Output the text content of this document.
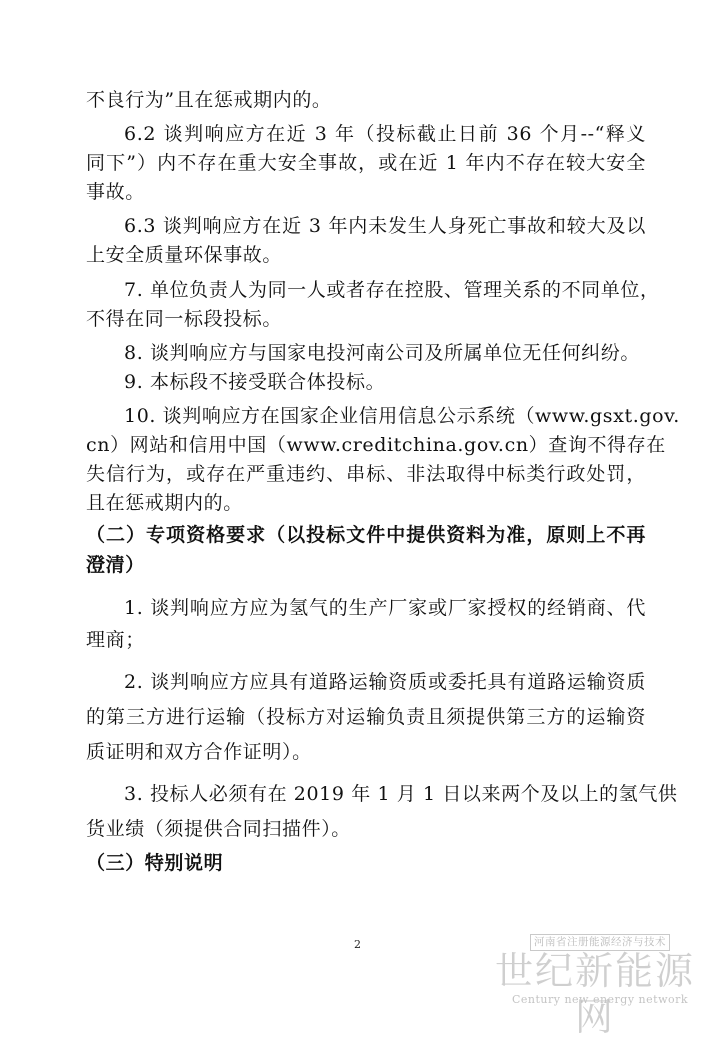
不良行为”且在惩戒期内的。
6.2 谈判响应方在近 3 年（投标截止日前 36 个月--“释义
同下”）内不存在重大安全事故，或在近 1 年内不存在较大安全
事故。
6.3 谈判响应方在近 3 年内未发生人身死亡事故和较大及以
上安全质量环保事故。
7. 单位负责人为同一人或者存在控股、管理关系的不同单位，
不得在同一标段投标。
8. 谈判响应方与国家电投河南公司及所属单位无任何纠纷。
9. 本标段不接受联合体投标。
10. 谈判响应方在国家企业信用信息公示系统（www.gsxt.gov.
cn）网站和信用中国（www.creditchina.gov.cn）查询不得存在
失信行为，或存在严重违约、串标、非法取得中标类行政处罚，
且在惩戒期内的。
（二）专项资格要求（以投标文件中提供资料为准，原则上不再
澄清）
1. 谈判响应方应为氢气的生产厂家或厂家授权的经销商、代
理商；
2. 谈判响应方应具有道路运输资质或委托具有道路运输资质
的第三方进行运输（投标方对运输负责且须提供第三方的运输资
质证明和双方合作证明）。
3. 投标人必须有在 2019 年 1 月 1 日以来两个及以上的氢气供
货业绩（须提供合同扫描件）。
（三）特别说明
2	河南省注册能源经济与技术
世纪新能源网
Century new energy network
